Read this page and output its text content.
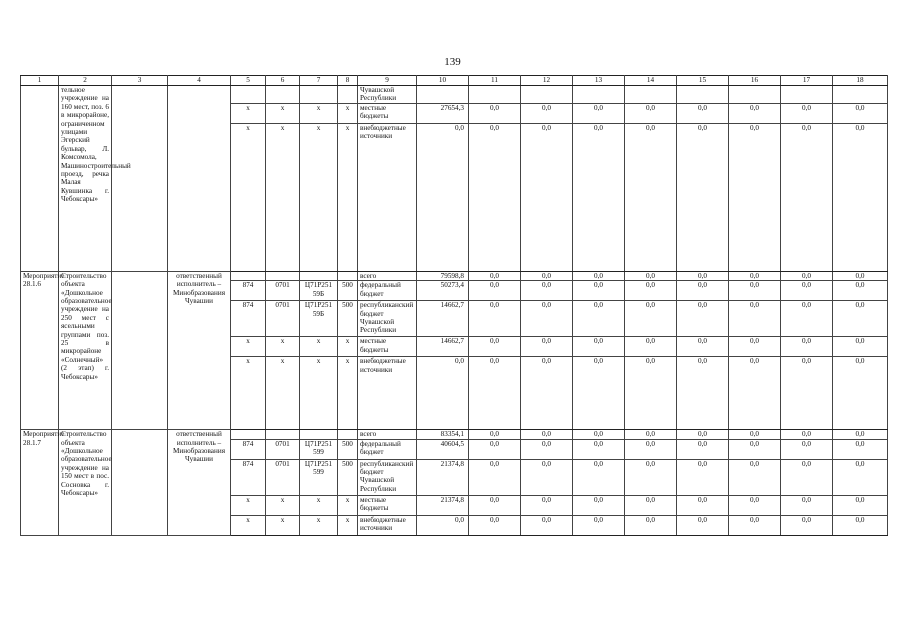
139
1	2	3	4	5	6	7	8	9	10	11	12	13	14	15	16	17	18
	тельное учреждение на 160 мест, поз. 6 в микрорайоне, ограниченном улицами Эгерский бульвар, Л. Комсомола, Машиностроительный проезд, речка Малая Кувшинка г. Чебоксары»							Чувашской Республики									
				x	x	x	x	местные бюджеты	27654,3	0,0	0,0	0,0	0,0	0,0	0,0	0,0	0,0
				x	x	x	x	внебюджетные источники	0,0	0,0	0,0	0,0	0,0	0,0	0,0	0,0	0,0
Мероприятие 28.1.6	Строительство объекта «Дошкольное образовательное учреждение на 250 мест с ясельными группами поз. 25 в микрорайоне «Солнечный» (2 этап) г. Чебоксары»		ответственный исполнитель – Минобразования Чувашии					всего	79598,8	0,0	0,0	0,0	0,0	0,0	0,0	0,0	0,0
				874	0701	Ц71Р251 59Б	500	федеральный бюджет	50273,4	0,0	0,0	0,0	0,0	0,0	0,0	0,0	0,0
				874	0701	Ц71Р251 59Б	500	республиканский бюджет Чувашской Республики	14662,7	0,0	0,0	0,0	0,0	0,0	0,0	0,0	0,0
				x	x	x	x	местные бюджеты	14662,7	0,0	0,0	0,0	0,0	0,0	0,0	0,0	0,0
				x	x	x	x	внебюджетные источники	0,0	0,0	0,0	0,0	0,0	0,0	0,0	0,0	0,0
Мероприятие 28.1.7	Строительство объекта «Дошкольное образовательное учреждение на 150 мест в пос. Сосновка г. Чебоксары»		ответственный исполнитель – Минобразования Чувашии					всего	83354,1	0,0	0,0	0,0	0,0	0,0	0,0	0,0	0,0
				874	0701	Ц71Р251 599	500	федеральный бюджет	40604,5	0,0	0,0	0,0	0,0	0,0	0,0	0,0	0,0
				874	0701	Ц71Р251 599	500	республиканский бюджет Чувашской Республики	21374,8	0,0	0,0	0,0	0,0	0,0	0,0	0,0	0,0
				x	x	x	x	местные бюджеты	21374,8	0,0	0,0	0,0	0,0	0,0	0,0	0,0	0,0
				x	x	x	x	внебюджетные источники	0,0	0,0	0,0	0,0	0,0	0,0	0,0	0,0	0,0
